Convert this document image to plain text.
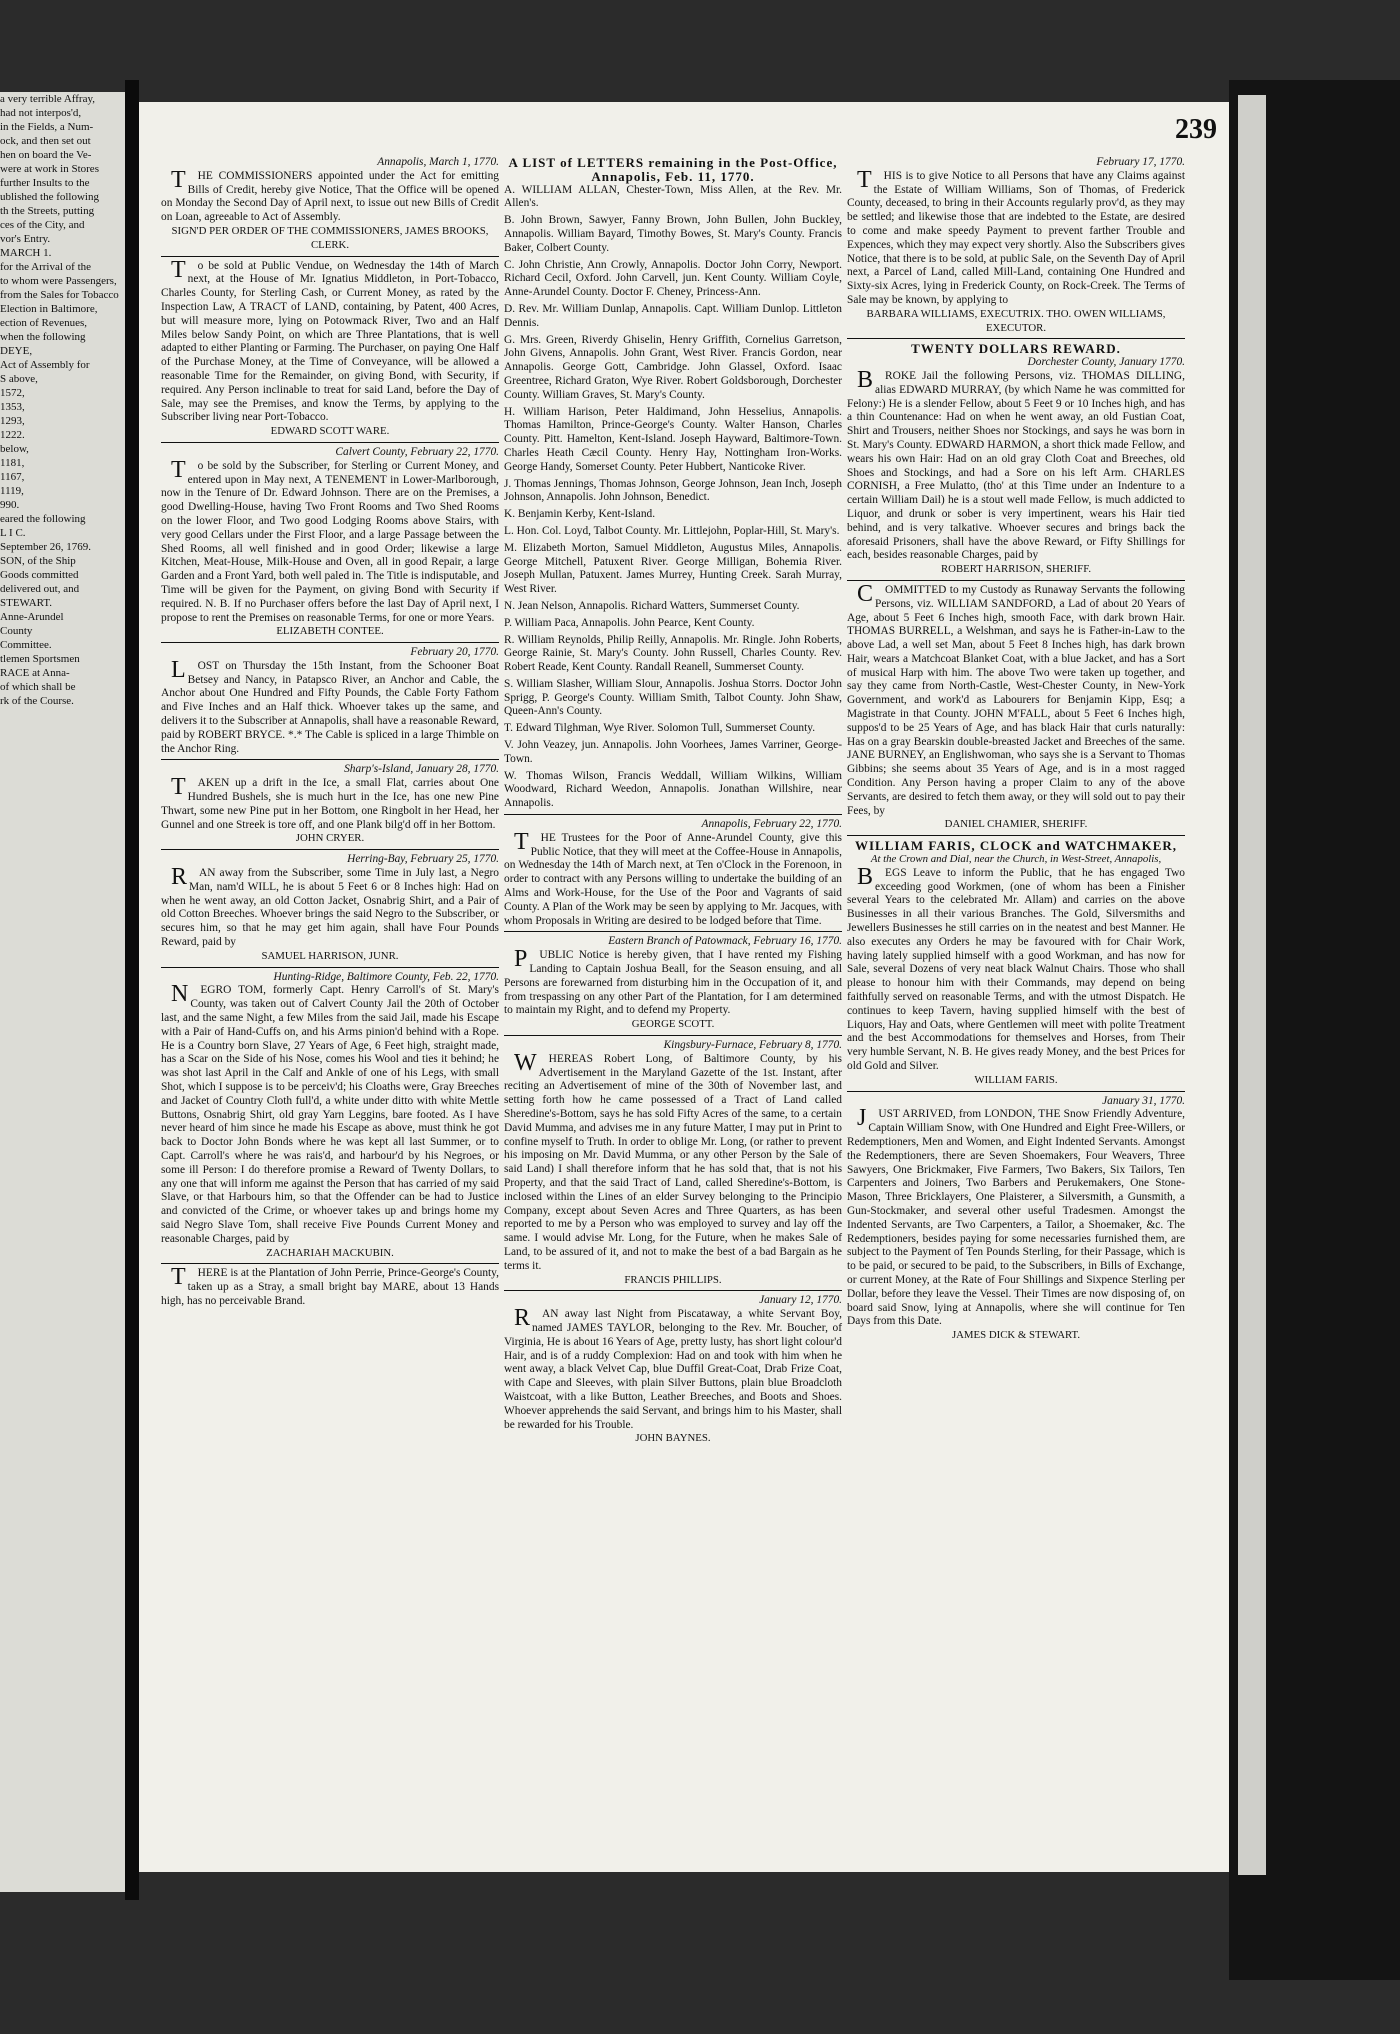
a very terrible Affray,
had not interpos'd,
in the Fields, a Num-
ock, and then set out
hen on board the Ve-
were at work in Stores
further Insults to the
ublished the following
th the Streets, putting
ces of the City, and
vor's Entry.
MARCH 1.
for the Arrival of the
to whom were Passengers,
from the Sales for Tobacco
Election in Baltimore,
ection of Revenues,
when the following
DEYE,
Act of Assembly for
S above,
1572,
1353,
1293,
1222.
below,
1181,
1167,
1119,
990.
eared the following
L I C.
September 26, 1769.
SON, of the Ship
Goods committed
delivered out, and
STEWART.
Anne-Arundel
County
Committee.
tlemen Sportsmen
RACE at Anna-
of which shall be
rk of the Course.
239
Annapolis, March 1, 1770.

THE COMMISSIONERS appointed under the Act for emitting Bills of Credit, hereby give Notice, That the Office will be opened on Monday the Second Day of April next, to issue out new Bills of Credit on Loan, agreeable to Act of Assembly.

SIGN'D PER ORDER OF THE COMMISSIONERS, JAMES BROOKS, CLERK.

To be sold at Public Vendue, on Wednesday the 14th of March next, at the House of Mr. Ignatius Middleton, in Port-Tobacco, Charles County, for Sterling Cash, or Current Money, as rated by the Inspection Law, A TRACT of LAND, containing, by Patent, 400 Acres, but will measure more, lying on Potowmack River, Two and an Half Miles below Sandy Point, on which are Three Plantations, that is well adapted to either Planting or Farming. The Purchaser, on paying One Half of the Purchase Money, at the Time of Conveyance, will be allowed a reasonable Time for the Remainder, on giving Bond, with Security, if required. Any Person inclinable to treat for said Land, before the Day of Sale, may see the Premises, and know the Terms, by applying to the Subscriber living near Port-Tobacco.

EDWARD SCOTT WARE.
Calvert County, February 22, 1770.

To be sold by the Subscriber, for Sterling or Current Money, and entered upon in May next, A TENEMENT in Lower-Marlborough, now in the Tenure of Dr. Edward Johnson. There are on the Premises, a good Dwelling-House, having Two Front Rooms and Two Shed Rooms on the lower Floor, and Two good Lodging Rooms above Stairs, with very good Cellars under the First Floor, and a large Passage between the Shed Rooms, all well finished and in good Order; likewise a large Kitchen, Meat-House, Milk-House and Oven, all in good Repair, a large Garden and a Front Yard, both well paled in. The Title is indisputable, and Time will be given for the Payment, on giving Bond with Security if required. N. B. If no Purchaser offers before the last Day of April next, I propose to rent the Premises on reasonable Terms, for one or more Years.

ELIZABETH CONTEE.
February 20, 1770.

LOST on Thursday the 15th Instant, from the Schooner Boat Betsey and Nancy, in Patapsco River, an Anchor and Cable, the Anchor about One Hundred and Fifty Pounds, the Cable Forty Fathom and Five Inches and an Half thick. Whoever takes up the same, and delivers it to the Subscriber at Annapolis, shall have a reasonable Reward, paid by ROBERT BRYCE. *.* The Cable is spliced in a large Thimble on the Anchor Ring.

Sharp's-Island, January 28, 1770.

TAKEN up a drift in the Ice, a small Flat, carries about One Hundred Bushels, she is much hurt in the Ice, has one new Pine Thwart, some new Pine put in her Bottom, one Ringbolt in her Head, her Gunnel and one Streek is tore off, and one Plank bilg'd off in her Bottom.

JOHN CRYER.
Herring-Bay, February 25, 1770.

RAN away from the Subscriber, some Time in July last, a Negro Man, nam'd WILL, he is about 5 Feet 6 or 8 Inches high: Had on when he went away, an old Cotton Jacket, Osnabrig Shirt, and a Pair of old Cotton Breeches. Whoever brings the said Negro to the Subscriber, or secures him, so that he may get him again, shall have Four Pounds Reward, paid by

SAMUEL HARRISON, JUNR.
Hunting-Ridge, Baltimore County, Feb. 22, 1770.

NEGRO TOM, formerly Capt. Henry Carroll's of St. Mary's County, was taken out of Calvert County Jail the 20th of October last, and the same Night, a few Miles from the said Jail, made his Escape with a Pair of Hand-Cuffs on, and his Arms pinion'd behind with a Rope. He is a Country born Slave, 27 Years of Age, 6 Feet high, straight made, has a Scar on the Side of his Nose, comes his Wool and ties it behind; he was shot last April in the Calf and Ankle of one of his Legs, with small Shot, which I suppose is to be perceiv'd; his Cloaths were, Gray Breeches and Jacket of Country Cloth full'd, a white under ditto with white Mettle Buttons, Osnabrig Shirt, old gray Yarn Leggins, bare footed. As I have never heard of him since he made his Escape as above, must think he got back to Doctor John Bonds where he was kept all last Summer, or to Capt. Carroll's where he was rais'd, and harbour'd by his Negroes, or some ill Person: I do therefore promise a Reward of Twenty Dollars, to any one that will inform me against the Person that has carried of my said Slave, or that Harbours him, so that the Offender can be had to Justice and convicted of the Crime, or whoever takes up and brings home my said Negro Slave Tom, shall receive Five Pounds Current Money and reasonable Charges, paid by

ZACHARIAH MACKUBIN.

THERE is at the Plantation of John Perrie, Prince-George's County, taken up as a Stray, a small bright bay MARE, about 13 Hands high, has no perceivable Brand.

A LIST of LETTERS remaining in the Post-Office, Annapolis, Feb. 11, 1770.
A. WILLIAM ALLAN, Chester-Town, Miss Allen, at the Rev. Mr. Allen's.
B. John Brown, Sawyer, Fanny Brown, John Bullen, John Buckley, Annapolis. William Bayard, Timothy Bowes, St. Mary's County. Francis Baker, Colbert County.
C. John Christie, Ann Crowly, Annapolis. Doctor John Corry, Newport. Richard Cecil, Oxford. John Carvell, jun. Kent County. William Coyle, Anne-Arundel County. Doctor F. Cheney, Princess-Ann.
D. Rev. Mr. William Dunlap, Annapolis. Capt. William Dunlop. Littleton Dennis.
G. Mrs. Green, Riverdy Ghiselin, Henry Griffith, Cornelius Garretson, John Givens, Annapolis. John Grant, West River. Francis Gordon, near Annapolis. George Gott, Cambridge. John Glassel, Oxford. Isaac Greentree, Richard Graton, Wye River. Robert Goldsborough, Dorchester County. William Graves, St. Mary's County.
H. William Harison, Peter Haldimand, John Hesselius, Annapolis. Thomas Hamilton, Prince-George's County. Walter Hanson, Charles County. Pitt. Hamelton, Kent-Island. Joseph Hayward, Baltimore-Town. Charles Heath Cæcil County. Henry Hay, Nottingham Iron-Works. George Handy, Somerset County. Peter Hubbert, Nanticoke River.
J. Thomas Jennings, Thomas Johnson, George Johnson, Jean Inch, Joseph Johnson, Annapolis. John Johnson, Benedict.
K. Benjamin Kerby, Kent-Island.
L. Hon. Col. Loyd, Talbot County. Mr. Littlejohn, Poplar-Hill, St. Mary's.
M. Elizabeth Morton, Samuel Middleton, Augustus Miles, Annapolis. George Mitchell, Patuxent River. George Milligan, Bohemia River. Joseph Mullan, Patuxent. James Murrey, Hunting Creek. Sarah Murray, West River.
N. Jean Nelson, Annapolis. Richard Watters, Summerset County.
P. William Paca, Annapolis. John Pearce, Kent County.
R. William Reynolds, Philip Reilly, Annapolis. Mr. Ringle. John Roberts, George Rainie, St. Mary's County. John Russell, Charles County. Rev. Robert Reade, Kent County. Randall Reanell, Summerset County.
S. William Slasher, William Slour, Annapolis. Joshua Storrs. Doctor John Sprigg, P. George's County. William Smith, Talbot County. John Shaw, Queen-Ann's County.
T. Edward Tilghman, Wye River. Solomon Tull, Summerset County.
V. John Veazey, jun. Annapolis. John Voorhees, James Varriner, George-Town.
W. Thomas Wilson, Francis Weddall, William Wilkins, William Woodward, Richard Weedon, Annapolis. Jonathan Willshire, near Annapolis.
Annapolis, February 22, 1770.

THE Trustees for the Poor of Anne-Arundel County, give this Public Notice, that they will meet at the Coffee-House in Annapolis, on Wednesday the 14th of March next, at Ten o'Clock in the Forenoon, in order to contract with any Persons willing to undertake the building of an Alms and Work-House, for the Use of the Poor and Vagrants of said County. A Plan of the Work may be seen by applying to Mr. Jacques, with whom Proposals in Writing are desired to be lodged before that Time.

Eastern Branch of Patowmack, February 16, 1770.

PUBLIC Notice is hereby given, that I have rented my Fishing Landing to Captain Joshua Beall, for the Season ensuing, and all Persons are forewarned from disturbing him in the Occupation of it, and from trespassing on any other Part of the Plantation, for I am determined to maintain my Right, and to defend my Property.

GEORGE SCOTT.
Kingsbury-Furnace, February 8, 1770.

WHEREAS Robert Long, of Baltimore County, by his Advertisement in the Maryland Gazette of the 1st. Instant, after reciting an Advertisement of mine of the 30th of November last, and setting forth how he came possessed of a Tract of Land called Sheredine's-Bottom, says he has sold Fifty Acres of the same, to a certain David Mumma, and advises me in any future Matter, I may put in Print to confine myself to Truth. In order to oblige Mr. Long, (or rather to prevent his imposing on Mr. David Mumma, or any other Person by the Sale of said Land) I shall therefore inform that he has sold that, that is not his Property, and that the said Tract of Land, called Sheredine's-Bottom, is inclosed within the Lines of an elder Survey belonging to the Principio Company, except about Seven Acres and Three Quarters, as has been reported to me by a Person who was employed to survey and lay off the same. I would advise Mr. Long, for the Future, when he makes Sale of Land, to be assured of it, and not to make the best of a bad Bargain as he terms it.

FRANCIS PHILLIPS.
January 12, 1770.

RAN away last Night from Piscataway, a white Servant Boy, named JAMES TAYLOR, belonging to the Rev. Mr. Boucher, of Virginia, He is about 16 Years of Age, pretty lusty, has short light colour'd Hair, and is of a ruddy Complexion: Had on and took with him when he went away, a black Velvet Cap, blue Duffil Great-Coat, Drab Frize Coat, with Cape and Sleeves, with plain Silver Buttons, plain blue Broadcloth Waistcoat, with a like Button, Leather Breeches, and Boots and Shoes. Whoever apprehends the said Servant, and brings him to his Master, shall be rewarded for his Trouble.

JOHN BAYNES.
February 17, 1770.

THIS is to give Notice to all Persons that have any Claims against the Estate of William Williams, Son of Thomas, of Frederick County, deceased, to bring in their Accounts regularly prov'd, as they may be settled; and likewise those that are indebted to the Estate, are desired to come and make speedy Payment to prevent farther Trouble and Expences, which they may expect very shortly. Also the Subscribers gives Notice, that there is to be sold, at public Sale, on the Seventh Day of April next, a Parcel of Land, called Mill-Land, containing One Hundred and Sixty-six Acres, lying in Frederick County, on Rock-Creek. The Terms of Sale may be known, by applying to

BARBARA WILLIAMS, EXECUTRIX. THO. OWEN WILLIAMS, EXECUTOR.
TWENTY DOLLARS REWARD.
Dorchester County, January 1770.

BROKE Jail the following Persons, viz. THOMAS DILLING, alias EDWARD MURRAY, (by which Name he was committed for Felony:) He is a slender Fellow, about 5 Feet 9 or 10 Inches high, and has a thin Countenance: Had on when he went away, an old Fustian Coat, Shirt and Trousers, neither Shoes nor Stockings, and says he was born in St. Mary's County. EDWARD HARMON, a short thick made Fellow, and wears his own Hair: Had on an old gray Cloth Coat and Breeches, old Shoes and Stockings, and had a Sore on his left Arm. CHARLES CORNISH, a Free Mulatto, (tho' at this Time under an Indenture to a certain William Dail) he is a stout well made Fellow, is much addicted to Liquor, and drunk or sober is very impertinent, wears his Hair tied behind, and is very talkative. Whoever secures and brings back the aforesaid Prisoners, shall have the above Reward, or Fifty Shillings for each, besides reasonable Charges, paid by

ROBERT HARRISON, SHERIFF.

COMMITTED to my Custody as Runaway Servants the following Persons, viz. WILLIAM SANDFORD, a Lad of about 20 Years of Age, about 5 Feet 6 Inches high, smooth Face, with dark brown Hair. THOMAS BURRELL, a Welshman, and says he is Father-in-Law to the above Lad, a well set Man, about 5 Feet 8 Inches high, has dark brown Hair, wears a Matchcoat Blanket Coat, with a blue Jacket, and has a Sort of musical Harp with him. The above Two were taken up together, and say they came from North-Castle, West-Chester County, in New-York Government, and work'd as Labourers for Benjamin Kipp, Esq; a Magistrate in that County. JOHN M'FALL, about 5 Feet 6 Inches high, suppos'd to be 25 Years of Age, and has black Hair that curls naturally: Has on a gray Bearskin double-breasted Jacket and Breeches of the same. JANE BURNEY, an Englishwoman, who says she is a Servant to Thomas Gibbins; she seems about 35 Years of Age, and is in a most ragged Condition. Any Person having a proper Claim to any of the above Servants, are desired to fetch them away, or they will sold out to pay their Fees, by

DANIEL CHAMIER, SHERIFF.
WILLIAM FARIS, CLOCK and WATCHMAKER,
At the Crown and Dial, near the Church, in West-Street, Annapolis,

BEGS Leave to inform the Public, that he has engaged Two exceeding good Workmen, (one of whom has been a Finisher several Years to the celebrated Mr. Allam) and carries on the above Businesses in all their various Branches. The Gold, Silversmiths and Jewellers Businesses he still carries on in the neatest and best Manner. He also executes any Orders he may be favoured with for Chair Work, having lately supplied himself with a good Workman, and has now for Sale, several Dozens of very neat black Walnut Chairs. Those who shall please to honour him with their Commands, may depend on being faithfully served on reasonable Terms, and with the utmost Dispatch. He continues to keep Tavern, having supplied himself with the best of Liquors, Hay and Oats, where Gentlemen will meet with polite Treatment and the best Accommodations for themselves and Horses, from Their very humble Servant, N. B. He gives ready Money, and the best Prices for old Gold and Silver.

WILLIAM FARIS.
January 31, 1770.

JUST ARRIVED, from LONDON, THE Snow Friendly Adventure, Captain William Snow, with One Hundred and Eight Free-Willers, or Redemptioners, Men and Women, and Eight Indented Servants. Amongst the Redemptioners, there are Seven Shoemakers, Four Weavers, Three Sawyers, One Brickmaker, Five Farmers, Two Bakers, Six Tailors, Ten Carpenters and Joiners, Two Barbers and Perukemakers, One Stone-Mason, Three Bricklayers, One Plaisterer, a Silversmith, a Gunsmith, a Gun-Stockmaker, and several other useful Tradesmen. Amongst the Indented Servants, are Two Carpenters, a Tailor, a Shoemaker, &c. The Redemptioners, besides paying for some necessaries furnished them, are subject to the Payment of Ten Pounds Sterling, for their Passage, which is to be paid, or secured to be paid, to the Subscribers, in Bills of Exchange, or current Money, at the Rate of Four Shillings and Sixpence Sterling per Dollar, before they leave the Vessel. Their Times are now disposing of, on board said Snow, lying at Annapolis, where she will continue for Ten Days from this Date.

JAMES DICK & STEWART.
